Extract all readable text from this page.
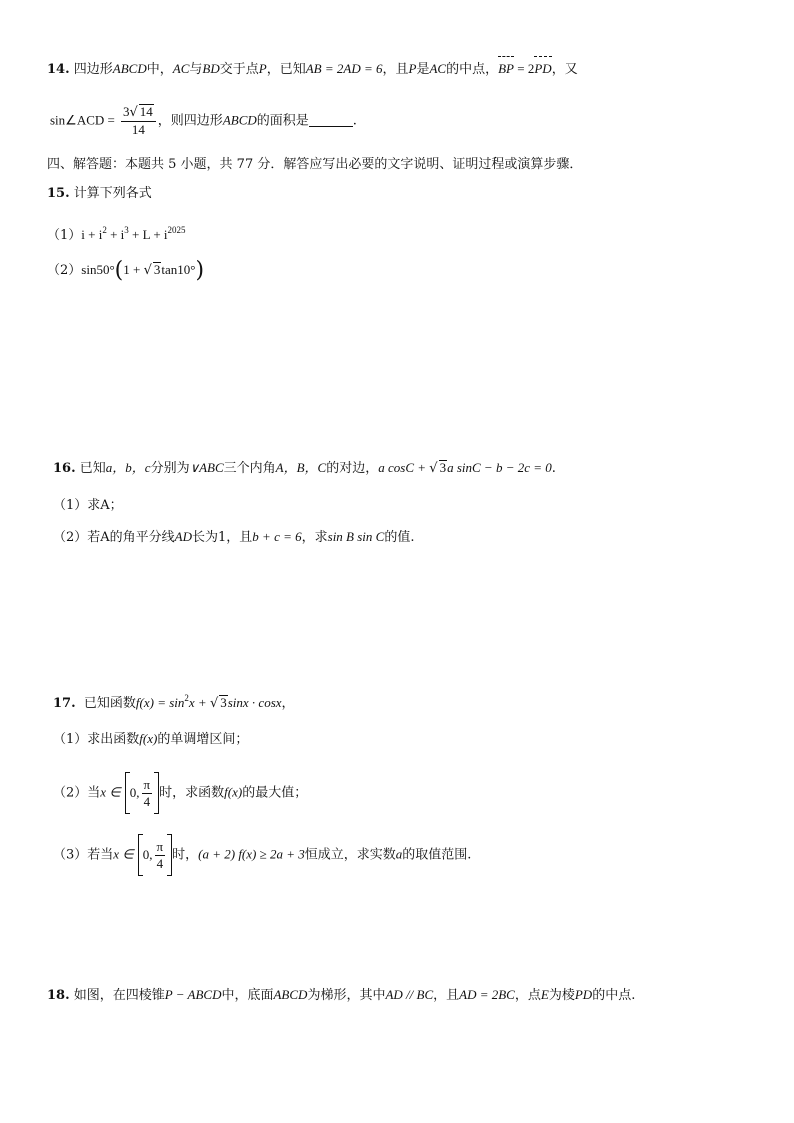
14. 四边形ABCD中，AC与BD交于点P，已知AB = 2AD = 6，且P是AC的中点，BP = 2PD，又
sin∠ACD = $\frac{3√ 14}{14}$ ，则四边形ABCD的面积是	.
四、解答题：本题共 5 小题，共 77 分．解答应写出必要的文字说明、证明过程或演算步骤．
15. 计算下列各式
$(1)i + i^2 + i^3 + L + i^{2025}$
（2）sin50°(1 + √ 3tan10°)
16. 已知a，b，c分别为∨ABC三个内角A，B，C的对边，a cosC + √ 3a sinC − b − 2c = 0.
（1）求A；
（2）若A的角平分线AD长为1，且b + c = 6，求sin B sin C的值.
17. 已知函数$f(x) = \sin^2x$ + √ 3sinx · cosx，
（1）求出函数f(x)的单调增区间；
（2）当x ∈ 0, $\frac{\pi}{4}$ 时，求函数f(x)的最大值；
（3）若当x ∈ 0, $\frac{\pi}{4}$ 时，(a + 2) f(x) ≥ 2a + 3恒成立，求实数a的取值范围.
18. 如图，在四棱锥P − ABCD中，底面ABCD为梯形，其中AD // BC，且AD = 2BC，点E为棱PD的中点.
